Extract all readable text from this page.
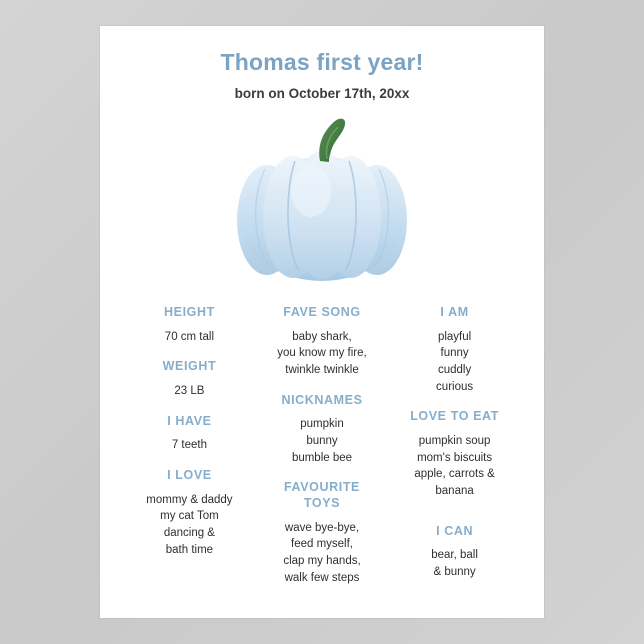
Thomas first year!
born on October 17th, 20xx
HEIGHT
70 cm tall
WEIGHT
23 LB
I HAVE
7 teeth
I LOVE
mommy & daddy
my cat Tom
dancing &
bath time
FAVE SONG
baby shark,
you know my fire,
twinkle twinkle
NICKNAMES
pumpkin
bunny
bumble bee
FAVOURITE
TOYS
wave bye-bye,
feed myself,
clap my hands,
walk few steps
I AM
playful
funny
cuddly
curious
LOVE TO EAT
pumpkin soup
mom's biscuits
apple, carrots &
banana
I CAN
bear, ball
& bunny
